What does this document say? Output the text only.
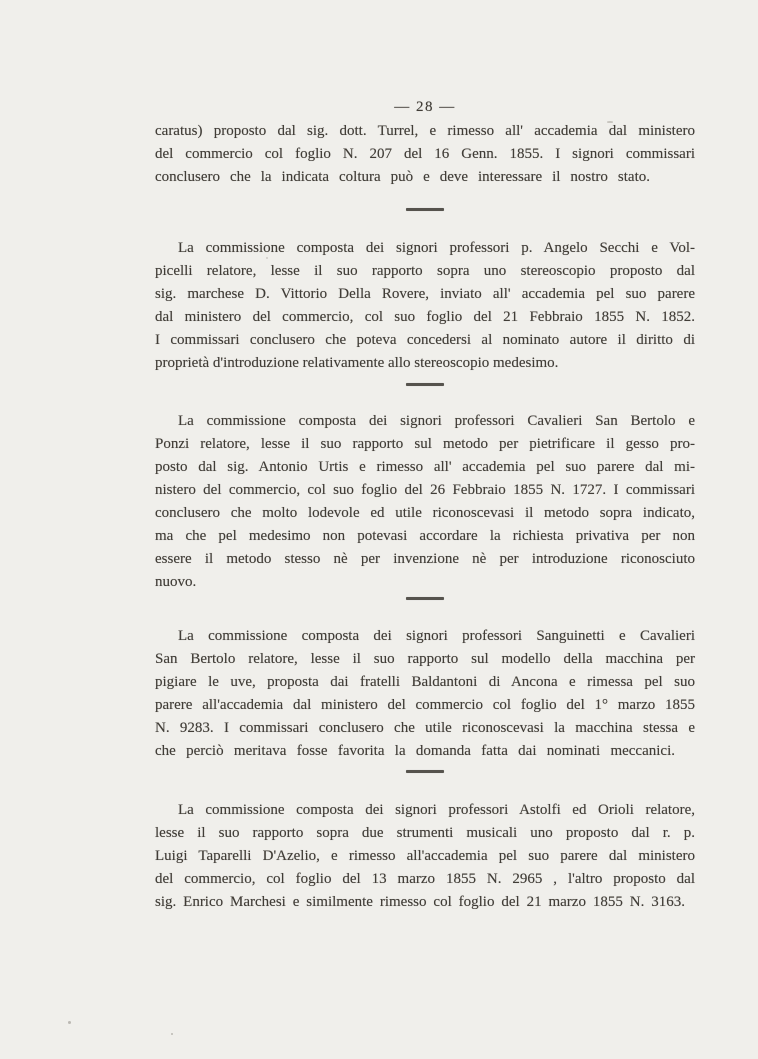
— 28 —
caratus) proposto dal sig. dott. Turrel, e rimesso all' accademia dal ministero
del commercio col foglio N. 207 del 16 Genn. 1855. I signori commissari
conclusero che la indicata coltura può e deve interessare il nostro stato.
La commissione composta dei signori professori p. Angelo Secchi e Vol-
picelli relatore, lesse il suo rapporto sopra uno stereoscopio proposto dal
sig. marchese D. Vittorio Della Rovere, inviato all' accademia pel suo parere
dal ministero del commercio, col suo foglio del 21 Febbraio 1855 N. 1852.
I commissari conclusero che poteva concedersi al nominato autore il diritto di
proprietà d'introduzione relativamente allo stereoscopio medesimo.
La commissione composta dei signori professori Cavalieri San Bertolo e
Ponzi relatore, lesse il suo rapporto sul metodo per pietrificare il gesso pro-
posto dal sig. Antonio Urtis e rimesso all' accademia pel suo parere dal mi-
nistero del commercio, col suo foglio del 26 Febbraio 1855 N. 1727. I commissari
conclusero che molto lodevole ed utile riconoscevasi il metodo sopra indicato,
ma che pel medesimo non potevasi accordare la richiesta privativa per non
essere il metodo stesso nè per invenzione nè per introduzione riconosciuto
nuovo.
La commissione composta dei signori professori Sanguinetti e Cavalieri
San Bertolo relatore, lesse il suo rapporto sul modello della macchina per
pigiare le uve, proposta dai fratelli Baldantoni di Ancona e rimessa pel suo
parere all'accademia dal ministero del commercio col foglio del 1° marzo 1855
N. 9283. I commissari conclusero che utile riconoscevasi la macchina stessa e
che perciò meritava fosse favorita la domanda fatta dai nominati meccanici.
La commissione composta dei signori professori Astolfi ed Orioli relatore,
lesse il suo rapporto sopra due strumenti musicali uno proposto dal r. p.
Luigi Taparelli D'Azelio, e rimesso all'accademia pel suo parere dal ministero
del commercio, col foglio del 13 marzo 1855 N. 2965 , l'altro proposto dal
sig. Enrico Marchesi e similmente rimesso col foglio del 21 marzo 1855 N. 3163.
